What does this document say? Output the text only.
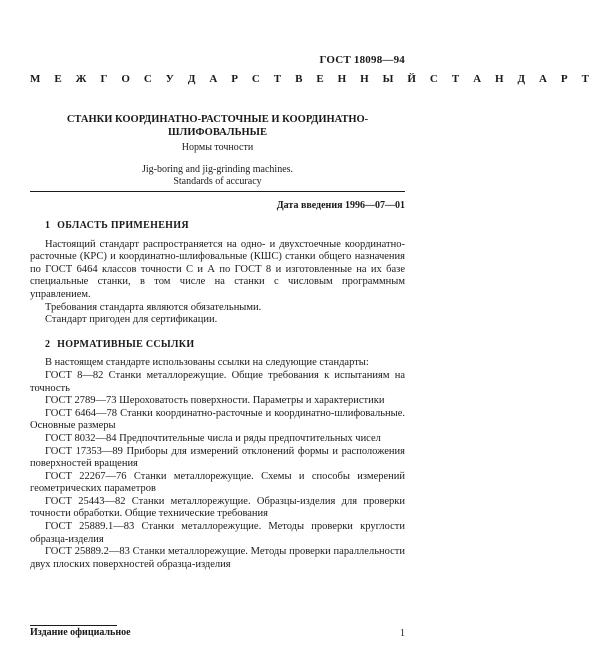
ГОСТ 18098—94
М Е Ж Г О С У Д А Р С Т В Е Н Н Ы Й С Т А Н Д А Р Т
СТАНКИ КООРДИНАТНО-РАСТОЧНЫЕ И КООРДИНАТНО-
ШЛИФОВАЛЬНЫЕ
Нормы точности
Jig-boring and jig-grinding machines.
Standards of accuracy
Дата введения 1996—07—01
1 ОБЛАСТЬ ПРИМЕНЕНИЯ

Настоящий стандарт распространяется на одно- и двухстоечные координатно-расточные (КРС) и координатно-шлифовальные (КШС) станки общего назначения по ГОСТ 6464 классов точности С и А по ГОСТ 8 и изготовленные на их базе специальные станки, в том числе на станки с числовым программным управлением.

Требования стандарта являются обязательными.

Стандарт пригоден для сертификации.

2 НОРМАТИВНЫЕ ССЫЛКИ

В настоящем стандарте использованы ссылки на следующие стандарты:

ГОСТ 8—82 Станки металлорежущие. Общие требования к испытаниям на точность

ГОСТ 2789—73 Шероховатость поверхности. Параметры и характеристики

ГОСТ 6464—78 Станки координатно-расточные и координатно-шлифовальные. Основные размеры

ГОСТ 8032—84 Предпочтительные числа и ряды предпочтительных чисел

ГОСТ 17353—89 Приборы для измерений отклонений формы и расположения поверхностей вращения

ГОСТ 22267—76 Станки металлорежущие. Схемы и способы измерений геометрических параметров

ГОСТ 25443—82 Станки металлорежущие. Образцы-изделия для проверки точности обработки. Общие технические требования

ГОСТ 25889.1—83 Станки металлорежущие. Методы проверки круглости образца-изделия

ГОСТ 25889.2—83 Станки металлорежущие. Методы проверки параллельности двух плоских поверхностей образца-изделия

Издание официальное	1
